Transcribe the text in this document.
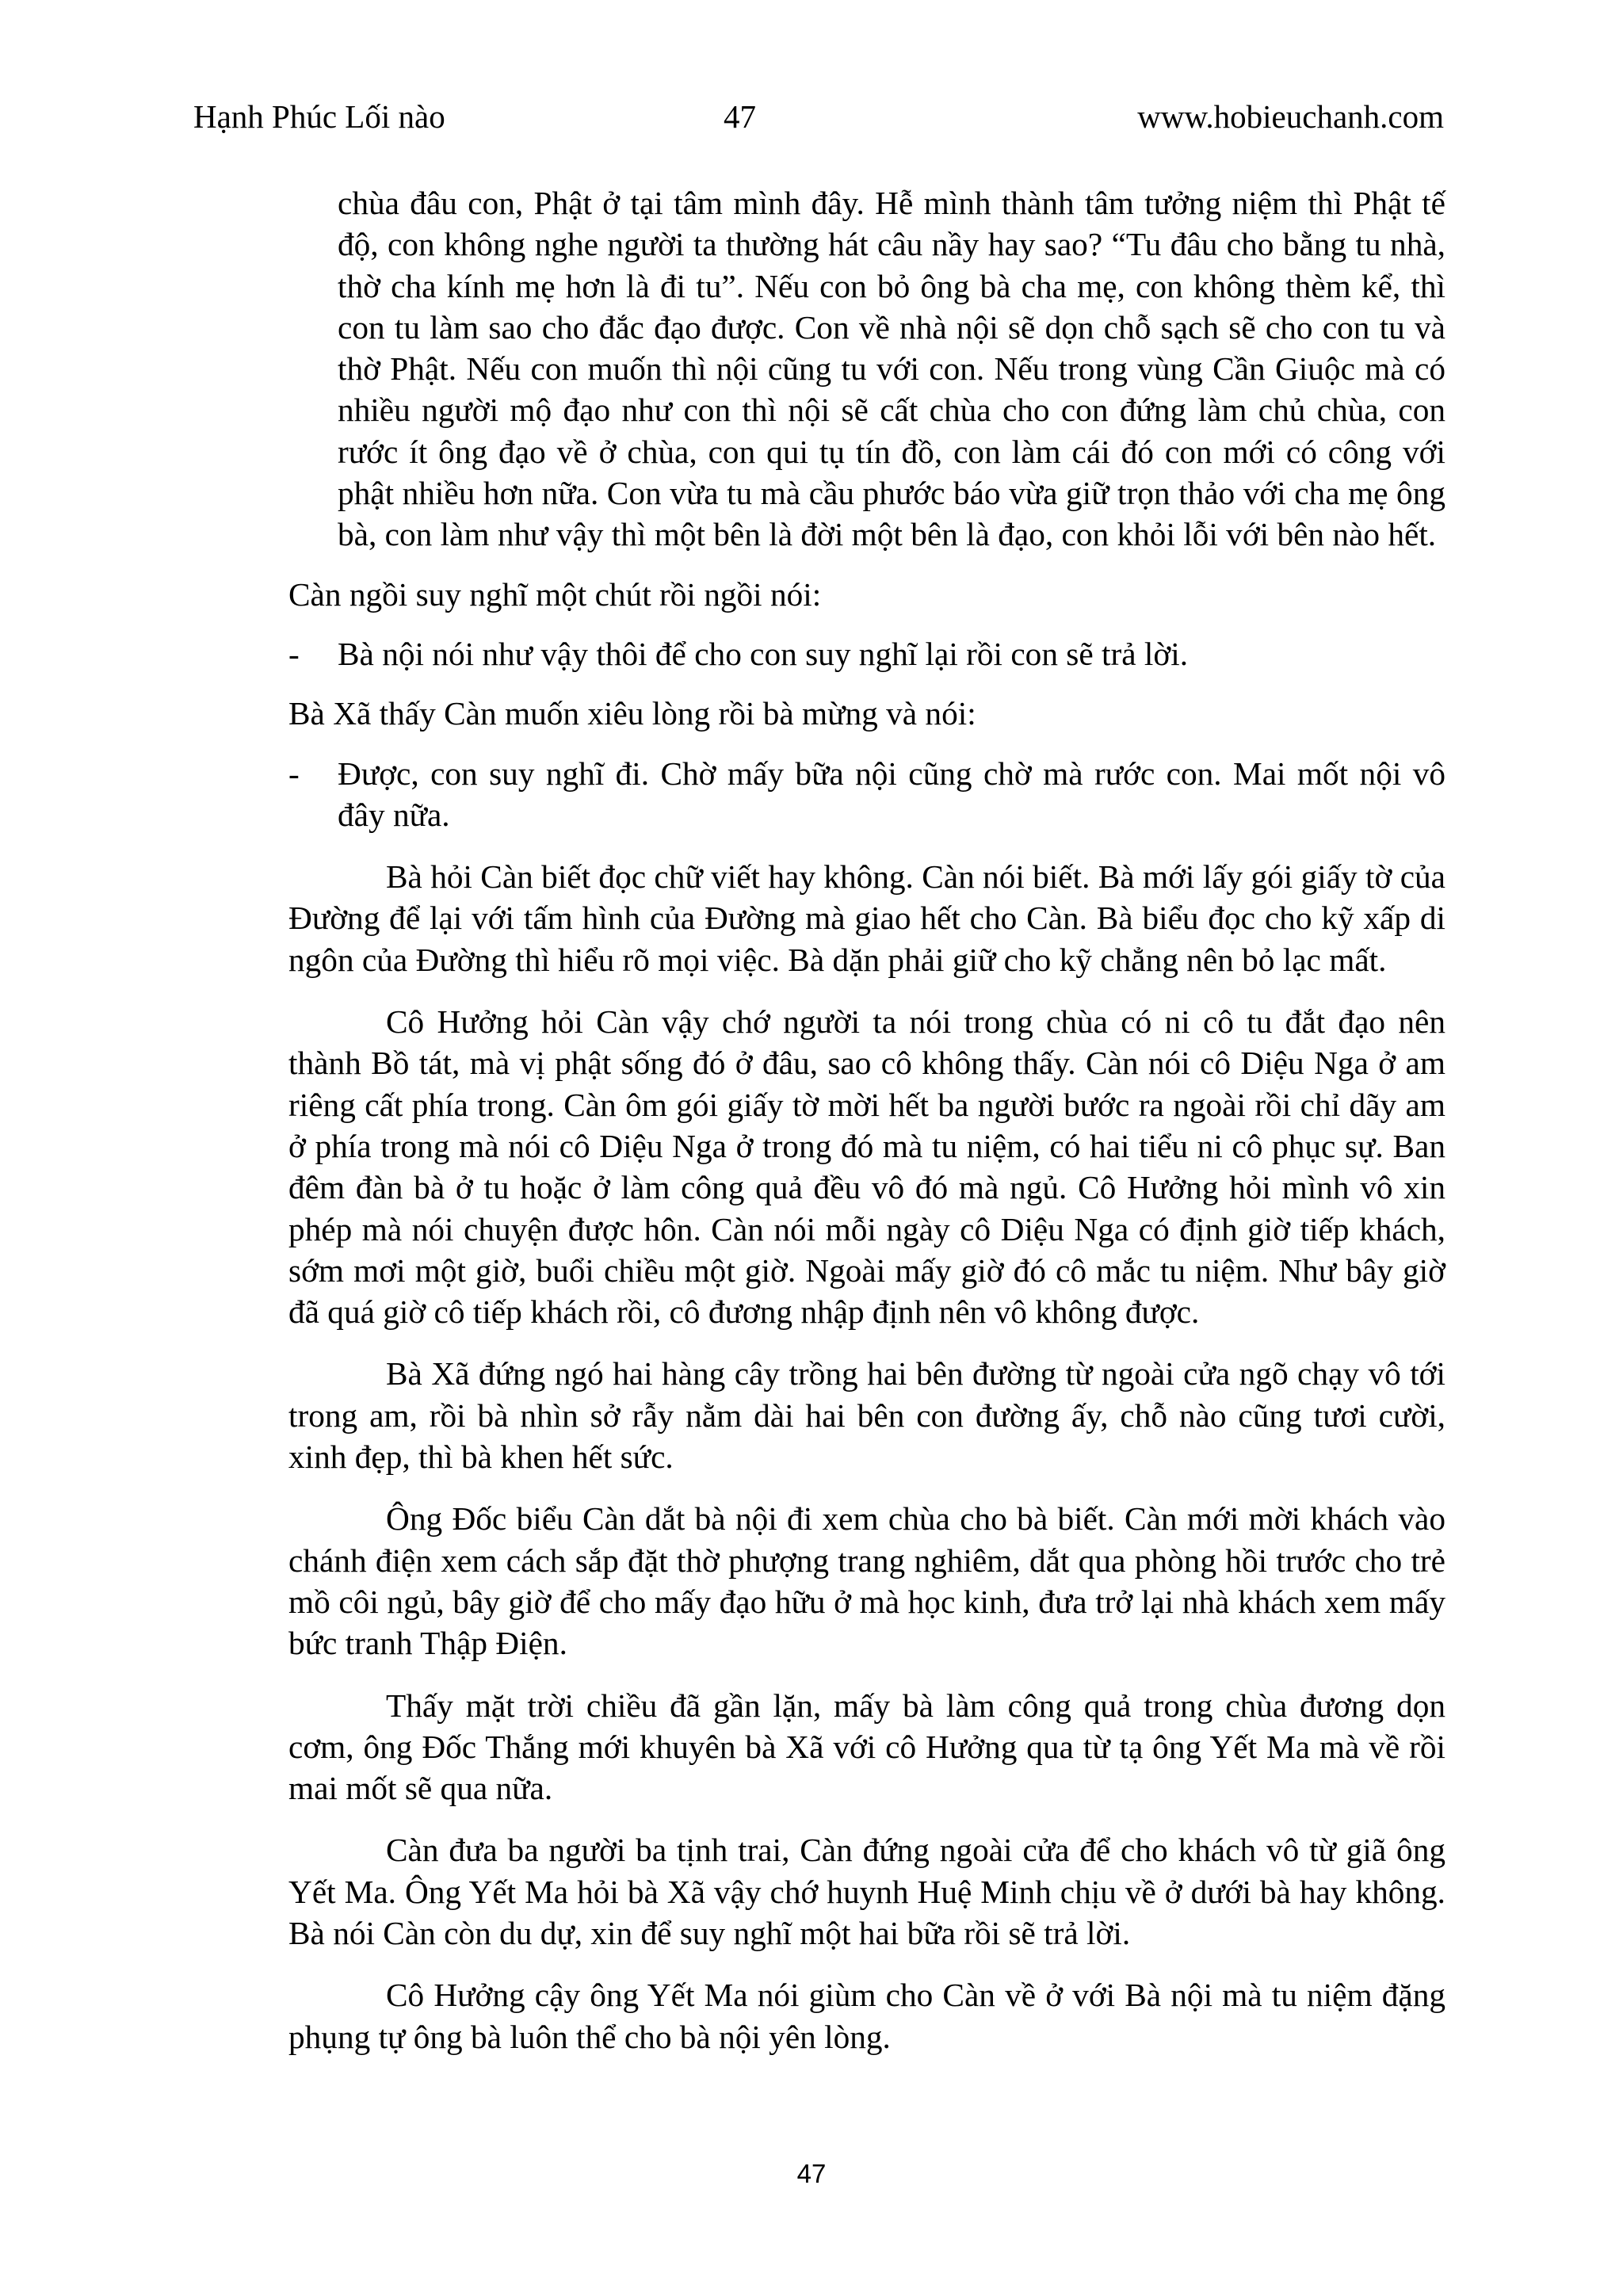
Hạnh Phúc Lối nào	47	www.hobieuchanh.com

chùa đâu con, Phật ở tại tâm mình đây. Hễ mình thành tâm tưởng niệm thì Phật tế độ, con không nghe người ta thường hát câu nầy hay sao? “Tu đâu cho bằng tu nhà, thờ cha kính mẹ hơn là đi tu”. Nếu con bỏ ông bà cha mẹ, con không thèm kể, thì con tu làm sao cho đắc đạo được. Con về nhà nội sẽ dọn chỗ sạch sẽ cho con tu và thờ Phật. Nếu con muốn thì nội cũng tu với con. Nếu trong vùng Cần Giuộc mà có nhiều người mộ đạo như con thì nội sẽ cất chùa cho con đứng làm chủ chùa, con rước ít ông đạo về ở chùa, con qui tụ tín đồ, con làm cái đó con mới có công với phật nhiều hơn nữa. Con vừa tu mà cầu phước báo vừa giữ trọn thảo với cha mẹ ông bà, con làm như vậy thì một bên là đời một bên là đạo, con khỏi lỗi với bên nào hết.

Càn ngồi suy nghĩ một chút rồi ngồi nói:

- Bà nội nói như vậy thôi để cho con suy nghĩ lại rồi con sẽ trả lời.

Bà Xã thấy Càn muốn xiêu lòng rồi bà mừng và nói:

- Được, con suy nghĩ đi. Chờ mấy bữa nội cũng chờ mà rước con. Mai mốt nội vô đây nữa.

Bà hỏi Càn biết đọc chữ viết hay không. Càn nói biết. Bà mới lấy gói giấy tờ của Đường để lại với tấm hình của Đường mà giao hết cho Càn. Bà biểu đọc cho kỹ xấp di ngôn của Đường thì hiểu rõ mọi việc. Bà dặn phải giữ cho kỹ chẳng nên bỏ lạc mất.

Cô Hưởng hỏi Càn vậy chớ người ta nói trong chùa có ni cô tu đắt đạo nên thành Bồ tát, mà vị phật sống đó ở đâu, sao cô không thấy. Càn nói cô Diệu Nga ở am riêng cất phía trong. Càn ôm gói giấy tờ mời hết ba người bước ra ngoài rồi chỉ dãy am ở phía trong mà nói cô Diệu Nga ở trong đó mà tu niệm, có hai tiểu ni cô phục sự. Ban đêm đàn bà ở tu hoặc ở làm công quả đều vô đó mà ngủ. Cô Hưởng hỏi mình vô xin phép mà nói chuyện được hôn. Càn nói mỗi ngày cô Diệu Nga có định giờ tiếp khách, sớm mơi một giờ, buổi chiều một giờ. Ngoài mấy giờ đó cô mắc tu niệm. Như bây giờ đã quá giờ cô tiếp khách rồi, cô đương nhập định nên vô không được.

Bà Xã đứng ngó hai hàng cây trồng hai bên đường từ ngoài cửa ngõ chạy vô tới trong am, rồi bà nhìn sở rẫy nằm dài hai bên con đường ấy, chỗ nào cũng tươi cười, xinh đẹp, thì bà khen hết sức.

Ông Đốc biểu Càn dắt bà nội đi xem chùa cho bà biết. Càn mới mời khách vào chánh điện xem cách sắp đặt thờ phượng trang nghiêm, dắt qua phòng hồi trước cho trẻ mồ côi ngủ, bây giờ để cho mấy đạo hữu ở mà học kinh, đưa trở lại nhà khách xem mấy bức tranh Thập Điện.

Thấy mặt trời chiều đã gần lặn, mấy bà làm công quả trong chùa đương dọn cơm, ông Đốc Thắng mới khuyên bà Xã với cô Hưởng qua từ tạ ông Yết Ma mà về rồi mai mốt sẽ qua nữa.

Càn đưa ba người ba tịnh trai, Càn đứng ngoài cửa để cho khách vô từ giã ông Yết Ma. Ông Yết Ma hỏi bà Xã vậy chớ huynh Huệ Minh chịu về ở dưới bà hay không. Bà nói Càn còn du dự, xin để suy nghĩ một hai bữa rồi sẽ trả lời.

Cô Hưởng cậy ông Yết Ma nói giùm cho Càn về ở với Bà nội mà tu niệm đặng phụng tự ông bà luôn thể cho bà nội yên lòng.

47
